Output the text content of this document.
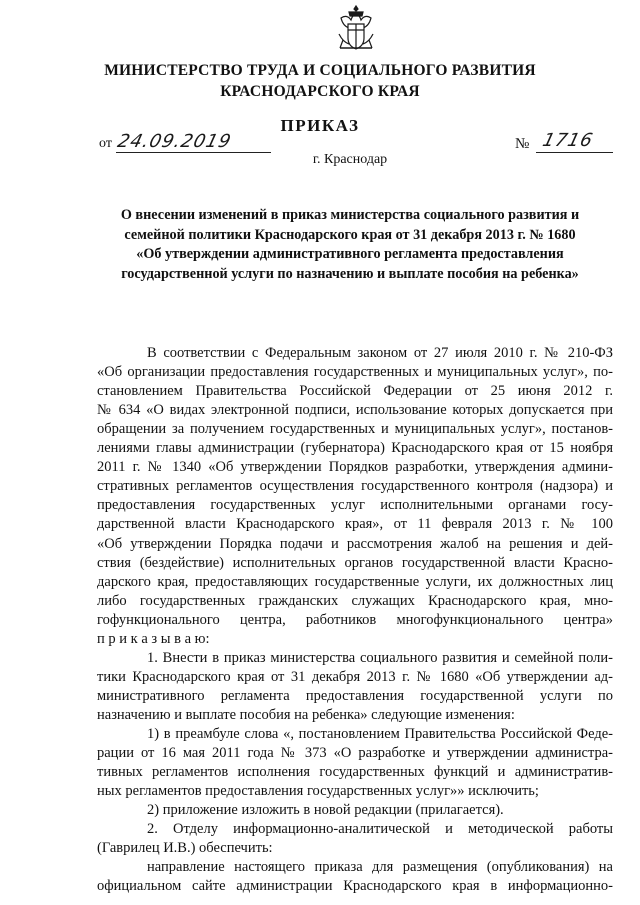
МИНИСТЕРСТВО ТРУДА И СОЦИАЛЬНОГО РАЗВИТИЯ
КРАСНОДАРСКОГО КРАЯ
ПРИКАЗ
от 24.09.2019	№ 1716
г. Краснодар
О внесении изменений в приказ министерства социального развития и семейной политики Краснодарского края от 31 декабря 2013 г. № 1680 «Об утверждении административного регламента предоставления государственной услуги по назначению и выплате пособия на ребенка»
В соответствии с Федеральным законом от 27 июля 2010 г. № 210-ФЗ
«Об организации предоставления государственных и муниципальных услуг», по-
становлением Правительства Российской Федерации от 25 июня 2012 г.
№ 634 «О видах электронной подписи, использование которых допускается при
обращении за получением государственных и муниципальных услуг», постанов-
лениями главы администрации (губернатора) Краснодарского края от 15 ноября
2011 г. № 1340 «Об утверждении Порядков разработки, утверждения админи-
стративных регламентов осуществления государственного контроля (надзора) и
предоставления государственных услуг исполнительными органами госу-
дарственной власти Краснодарского края», от 11 февраля 2013 г. № 100
«Об утверждении Порядка подачи и рассмотрения жалоб на решения и дей-
ствия (бездействие) исполнительных органов государственной власти Красно-
дарского края, предоставляющих государственные услуги, их должностных лиц
либо государственных гражданских служащих Краснодарского края, мно-
гофункционального центра, работников многофункционального центра»
п р и к а з ы в а ю:
1. Внести в приказ министерства социального развития и семейной поли-
тики Краснодарского края от 31 декабря 2013 г. № 1680 «Об утверждении ад-
министративного регламента предоставления государственной услуги по
назначению и выплате пособия на ребенка» следующие изменения:
1) в преамбуле слова «, постановлением Правительства Российской Феде-
рации от 16 мая 2011 года № 373 «О разработке и утверждении администра-
тивных регламентов исполнения государственных функций и административ-
ных регламентов предоставления государственных услуг»» исключить;
2) приложение изложить в новой редакции (прилагается).
2. Отделу информационно-аналитической и методической работы
(Гаврилец И.В.) обеспечить:
направление настоящего приказа для размещения (опубликования) на
официальном сайте администрации Краснодарского края в информационно-
